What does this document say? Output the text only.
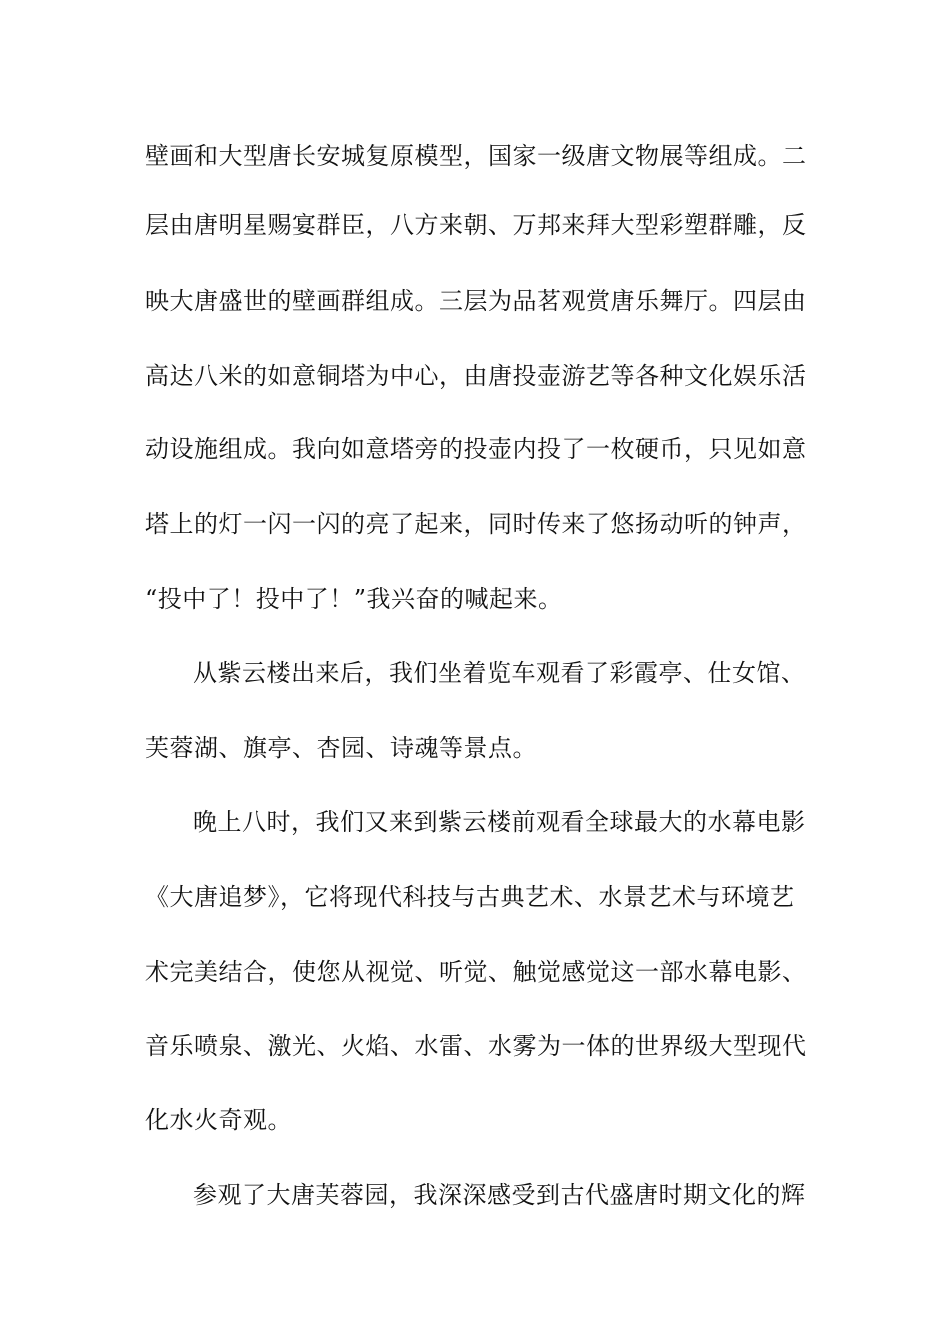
壁画和大型唐长安城复原模型，国家一级唐文物展等组成。二
层由唐明星赐宴群臣，八方来朝、万邦来拜大型彩塑群雕，反
映大唐盛世的壁画群组成。三层为品茗观赏唐乐舞厅。四层由
高达八米的如意铜塔为中心，由唐投壶游艺等各种文化娱乐活
动设施组成。我向如意塔旁的投壶内投了一枚硬币，只见如意
塔上的灯一闪一闪的亮了起来，同时传来了悠扬动听的钟声，
“投中了！投中了！”我兴奋的喊起来。
从紫云楼出来后，我们坐着览车观看了彩霞亭、仕女馆、
芙蓉湖、旗亭、杏园、诗魂等景点。
晚上八时，我们又来到紫云楼前观看全球最大的水幕电影
《大唐追梦》，它将现代科技与古典艺术、水景艺术与环境艺
术完美结合，使您从视觉、听觉、触觉感觉这一部水幕电影、
音乐喷泉、激光、火焰、水雷、水雾为一体的世界级大型现代
化水火奇观。
参观了大唐芙蓉园，我深深感受到古代盛唐时期文化的辉
